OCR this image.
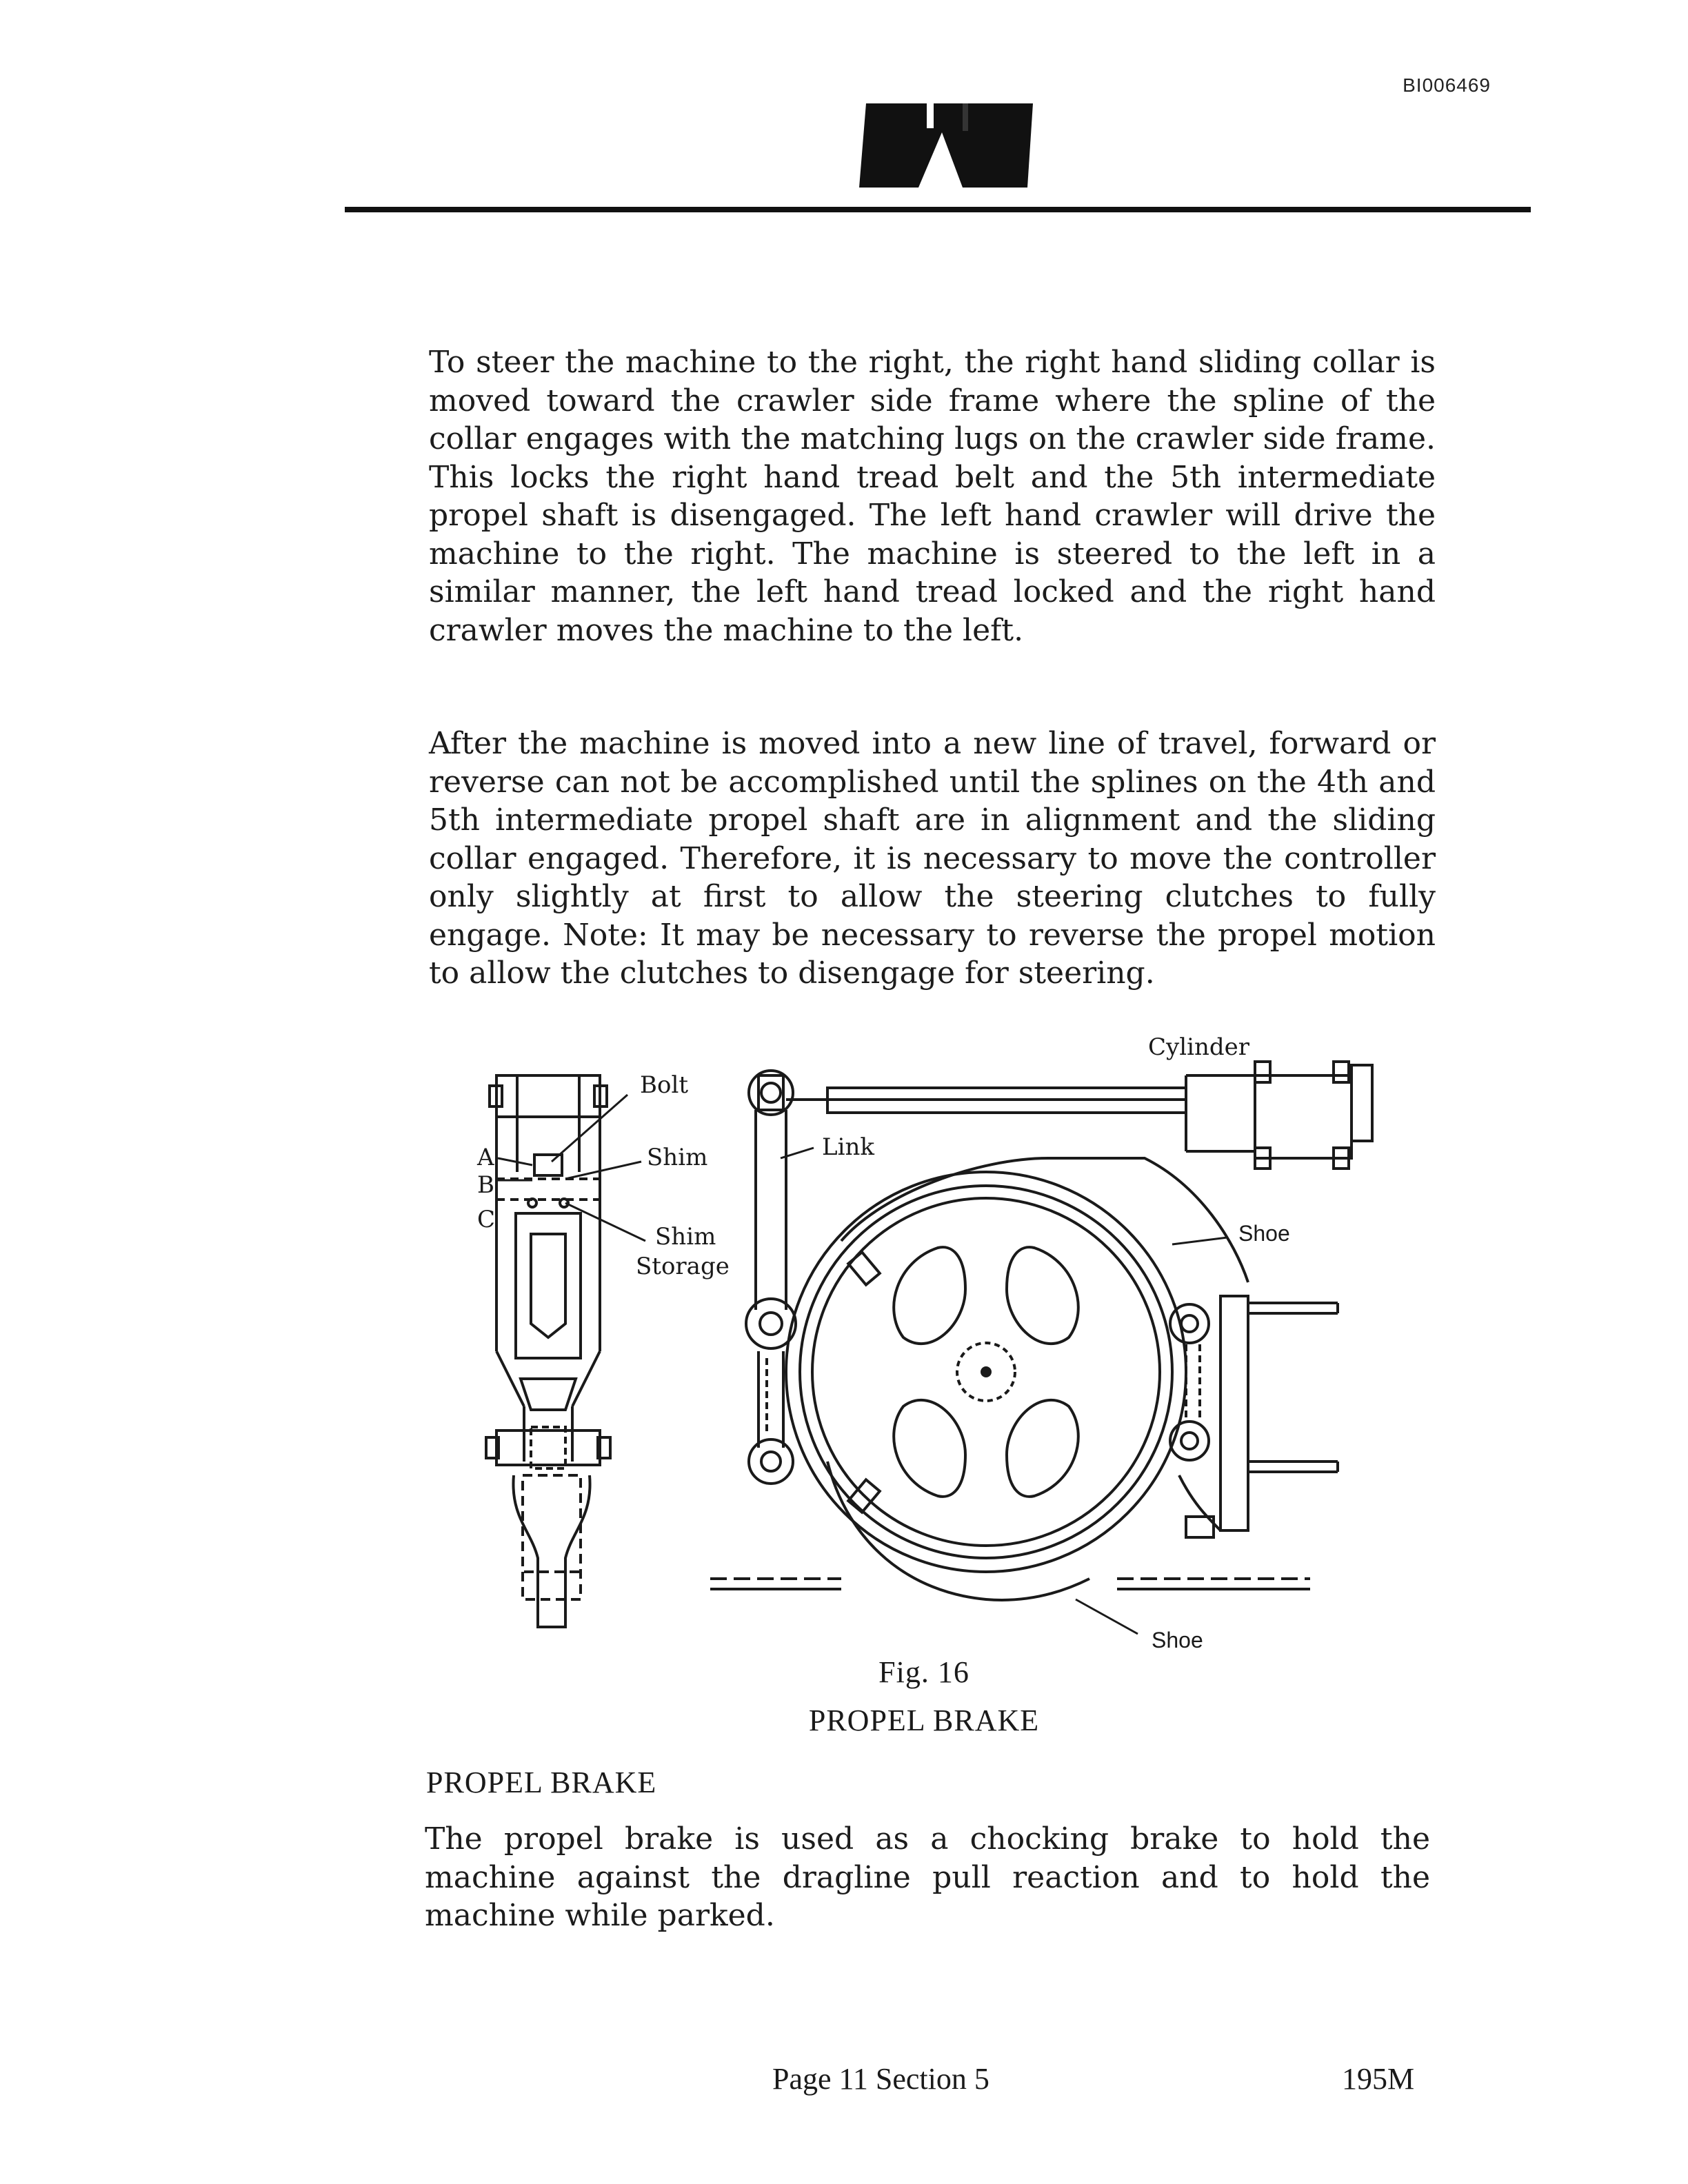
BI006469

To steer the machine to the right, the right hand sliding collar is moved toward the crawler side frame where the spline of the collar engages with the matching lugs on the crawler side frame. This locks the right hand tread belt and the 5th intermediate propel shaft is disengaged. The left hand crawler will drive the machine to the right. The machine is steered to the left in a similar manner, the left hand tread locked and the right hand crawler moves the machine to the left.

After the machine is moved into a new line of travel, forward or reverse can not be accomplished until the splines on the 4th and 5th intermediate propel shaft are in alignment and the sliding collar engaged. Therefore, it is necessary to move the controller only slightly at first to allow the steering clutches to fully engage. Note: It may be necessary to reverse the propel motion to allow the clutches to disengage for steering.

Cylinder
Bolt
Link
Shim
Shim
Storage
Shoe
Shoe
A
B
C
Fig. 16
PROPEL BRAKE
PROPEL BRAKE

The propel brake is used as a chocking brake to hold the machine against the dragline pull reaction and to hold the machine while parked.

Page 11 Section 5	195M
